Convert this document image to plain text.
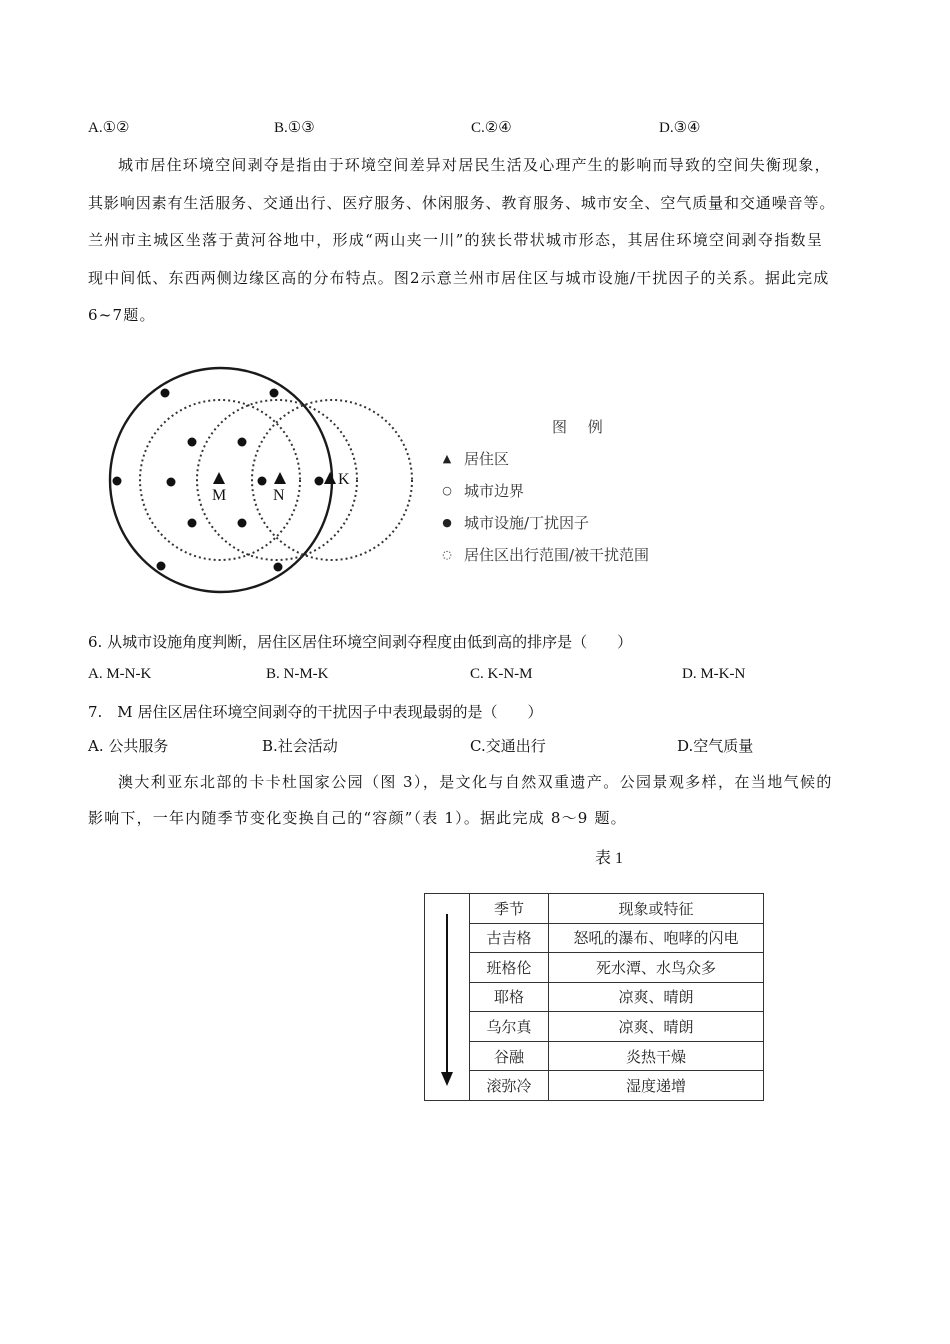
A.①②	B.①③	C.②④	D.③④
城市居住环境空间剥夺是指由于环境空间差异对居民生活及心理产生的影响而导致的空间失衡现象，
其影响因素有生活服务、交通出行、医疗服务、休闲服务、教育服务、城市安全、空气质量和交通噪音等。
兰州市主城区坐落于黄河谷地中，形成“两山夹一川”的狭长带状城市形态，其居住环境空间剥夺指数呈
现中间低、东西两侧边缘区高的分布特点。图2示意兰州市居住区与城市设施/干扰因子的关系。据此完成
6~7题。
M	N
K
图 例
▲ 居住区
○ 城市边界
● 城市设施/丁扰因子
◌ 居住区出行范围/被干扰范围
6. 从城市设施角度判断，居住区居住环境空间剥夺程度由低到高的排序是（　　）
A. M-N-K	B. N-M-K	C. K-N-M	D. M-K-N
7.　M 居住区居住环境空间剥夺的干扰因子中表现最弱的是（　　）
A. 公共服务	B.社会活动	C.交通出行	D.空气质量
澳大利亚东北部的卡卡杜国家公园（图 3），是文化与自然双重遗产。公园景观多样，在当地气候的
影响下，一年内随季节变化变换自己的“容颜”（表 1）。据此完成 8～9 题。
表 1
	季节	现象或特征
	古吉格	怒吼的瀑布、咆哮的闪电
	班格伦	死水潭、水鸟众多
	耶格	凉爽、晴朗
	乌尔真	凉爽、晴朗
	谷融	炎热干燥
	滚弥冷	湿度递增
